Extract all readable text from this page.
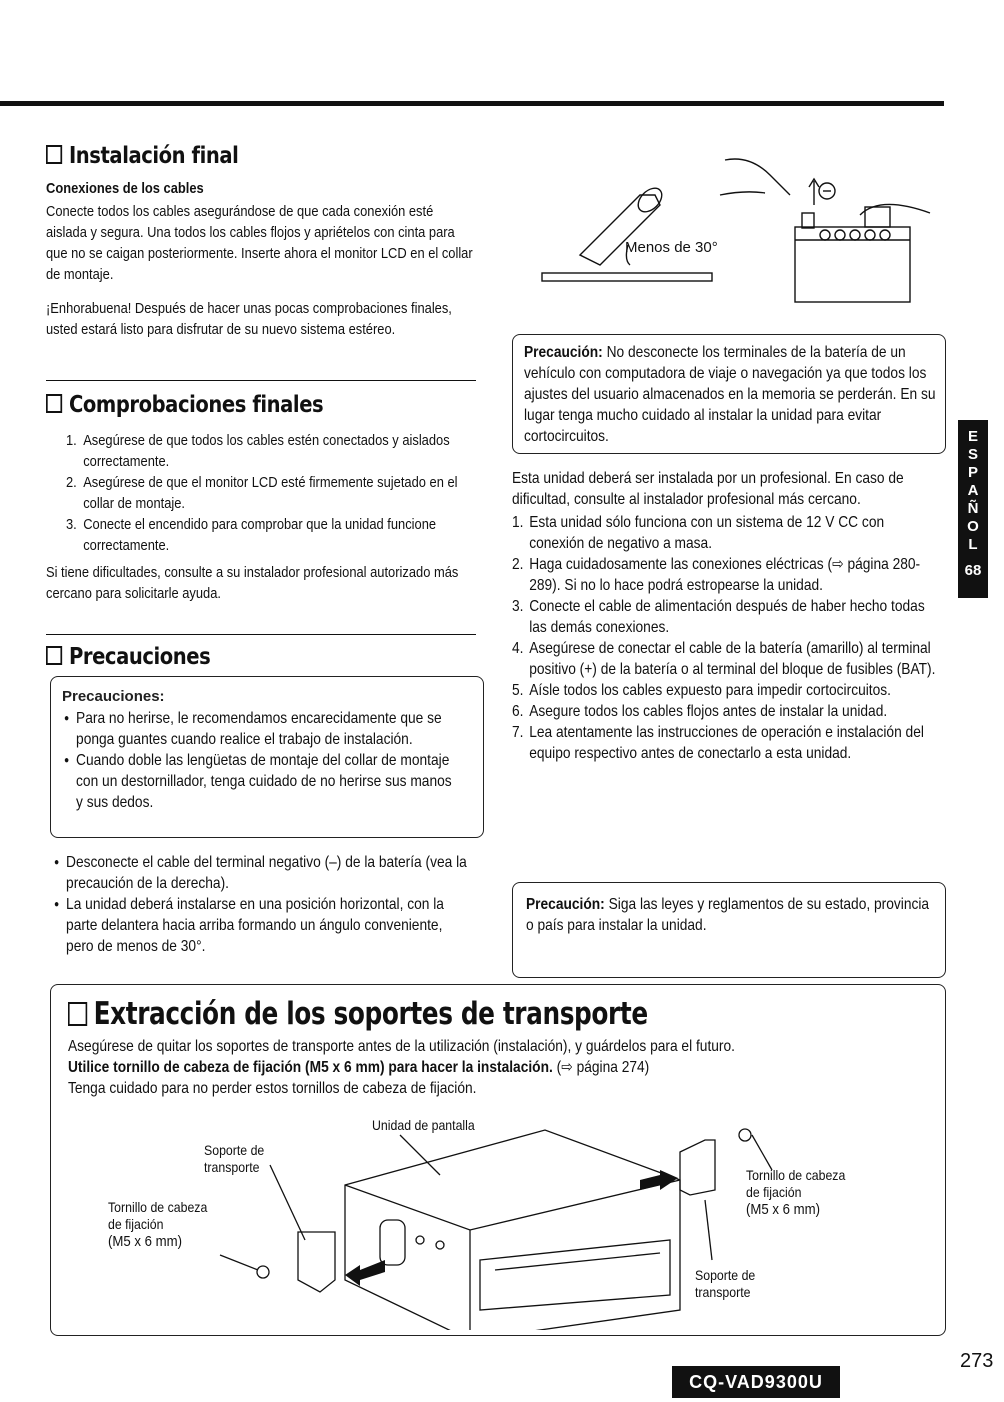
Instalación final
Conexiones de los cables
Conecte todos los cables asegurándose de que cada conexión esté aislada y segura. Una todos los cables flojos y apriételos con cinta para que no se caigan posteriormente. Inserte ahora el monitor LCD en el collar de montaje.
¡Enhorabuena! Después de hacer unas pocas comprobaciones finales, usted estará listo para disfrutar de su nuevo sistema estéreo.
Comprobaciones finales
1. Asegúrese de que todos los cables estén conectados y aislados correctamente.
2. Asegúrese de que el monitor LCD esté firmemente sujetado en el collar de montaje.
3. Conecte el encendido para comprobar que la unidad funcione correctamente.
Si tiene dificultades, consulte a su instalador profesional autorizado más cercano para solicitarle ayuda.
Precauciones
Precauciones:
● Para no herirse, le recomendamos encarecidamente que se ponga guantes cuando realice el trabajo de instalación.
● Cuando doble las lengüetas de montaje del collar de montaje con un destornillador, tenga cuidado de no herirse sus manos y sus dedos.
● Desconecte el cable del terminal negativo (–) de la batería (vea la precaución de la derecha).
● La unidad deberá instalarse en una posición horizontal, con la parte delantera hacia arriba formando un ángulo conveniente, pero de menos de 30°.
Menos de 30°
Precaución: No desconecte los terminales de la batería de un vehículo con computadora de viaje o navegación ya que todos los ajustes del usuario almacenados en la memoria se perderán. En su lugar tenga mucho cuidado al instalar la unidad para evitar cortocircuitos.
Esta unidad deberá ser instalada por un profesional. En caso de dificultad, consulte al instalador profesional más cercano.
1. Esta unidad sólo funciona con un sistema de 12 V CC con conexión de negativo a masa.
2. Haga cuidadosamente las conexiones eléctricas (⇨ página 280-289). Si no lo hace podrá estropearse la unidad.
3. Conecte el cable de alimentación después de haber hecho todas las demás conexiones.
4. Asegúrese de conectar el cable de la batería (amarillo) al terminal positivo (+) de la batería o al terminal del bloque de fusibles (BAT).
5. Aísle todos los cables expuesto para impedir cortocircuitos.
6. Asegure todos los cables flojos antes de instalar la unidad.
7. Lea atentamente las instrucciones de operación e instalación del equipo respectivo antes de conectarlo a esta unidad.
Precaución: Siga las leyes y reglamentos de su estado, provincia o país para instalar la unidad.
E
S
P
A
Ñ
O
L
68
Extracción de los soportes de transporte
Asegúrese de quitar los soportes de transporte antes de la utilización (instalación), y guárdelos para el futuro.
Utilice tornillo de cabeza de fijación (M5 x 6 mm) para hacer la instalación. (⇨ página 274)
Tenga cuidado para no perder estos tornillos de cabeza de fijación.
Unidad de pantalla
Soporte de transporte
Tornillo de cabeza
de fijación
(M5 x 6 mm)
Tornillo de cabeza
de fijación
(M5 x 6 mm)
Soporte de
transporte
273
CQ-VAD9300U
